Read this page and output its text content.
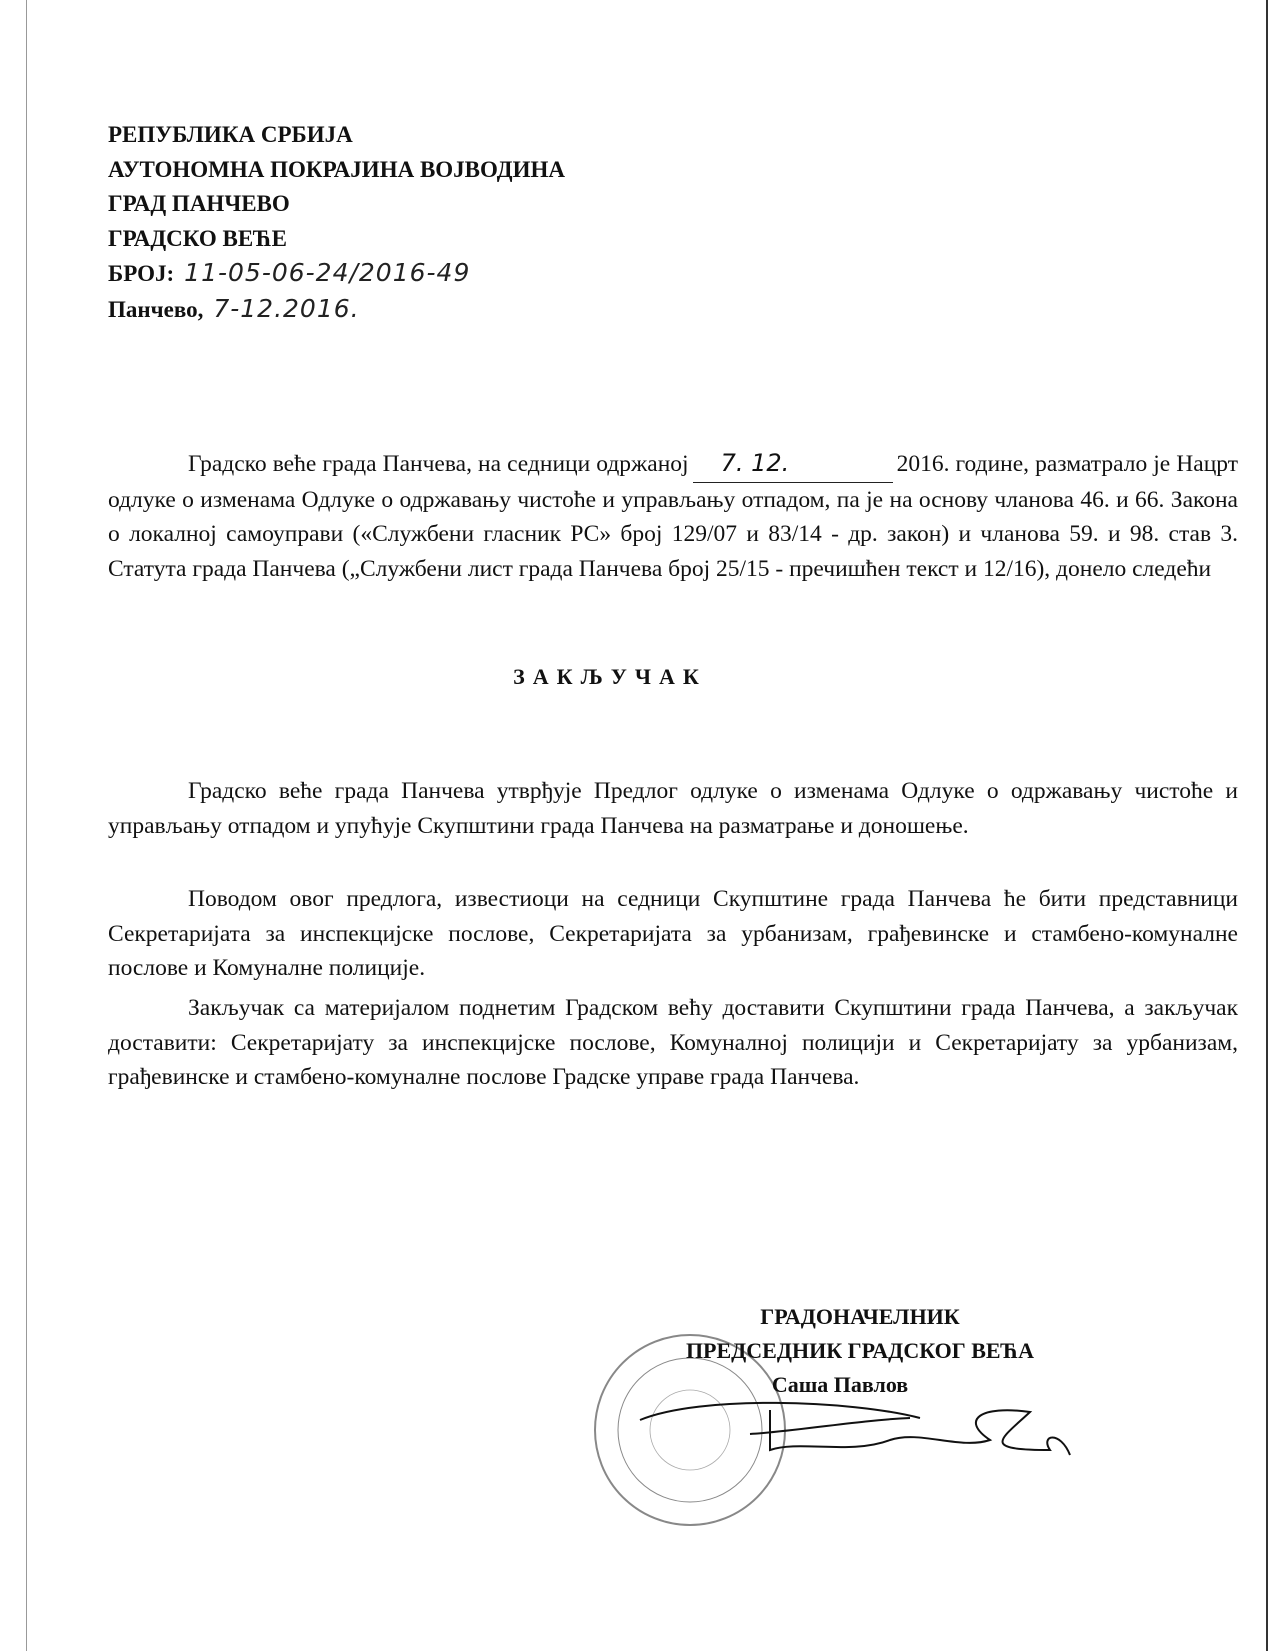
РЕПУБЛИКА СРБИЈА
АУТОНОМНА ПОКРАЈИНА ВОЈВОДИНА
ГРАД ПАНЧЕВО
ГРАДСКО ВЕЋЕ
БРОЈ: 11-05-06-24/2016-49
Панчево, 7-12.2016.
Градско веће града Панчева, на седници одржаној 7. 12.	2016. године, разматрало је Нацрт одлуке о изменама Одлуке о одржавању чистоће и управљању отпадом, па је на основу чланова 46. и 66. Закона о локалној самоуправи («Службени гласник РС» број 129/07 и 83/14 - др. закон) и чланова 59. и 98. став 3. Статута града Панчева („Службени лист града Панчева број 25/15 - пречишћен текст и 12/16), донело следећи
ЗАКЉУЧАК
Градско веће града Панчева утврђује Предлог одлуке о изменама Одлуке о одржавању чистоће и управљању отпадом и упућује Скупштини града Панчева на разматрање и доношење.
Поводом овог предлога, известиоци на седници Скупштине града Панчева ће бити представници Секретаријата за инспекцијске послове, Секретаријата за урбанизам, грађевинске и стамбено-комуналне послове и Комуналне полиције.
Закључак са материјалом поднетим Градском већу доставити Скупштини града Панчева, а закључак доставити: Секретаријату за инспекцијске послове, Комуналној полицији и Секретаријату за урбанизам, грађевинске и стамбено-комуналне послове Градске управе града Панчева.
ГРАДОНАЧЕЛНИК
ПРЕДСЕДНИК ГРАДСКОГ ВЕЋА
Саша Павлов
